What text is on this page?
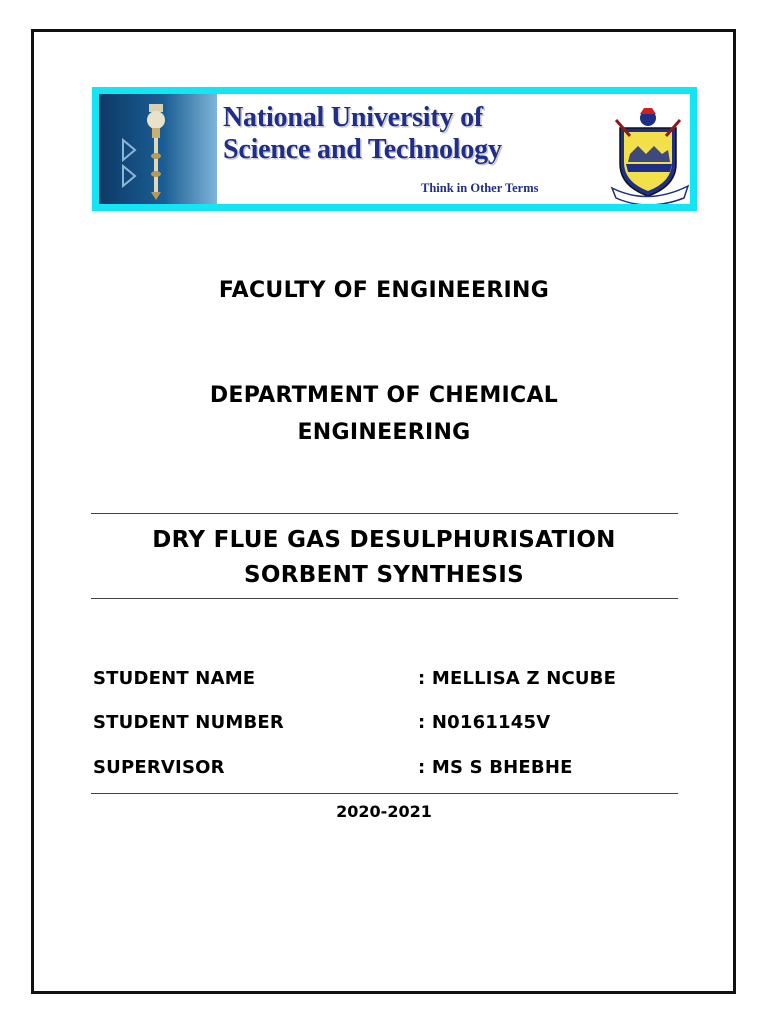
National University of
Science and Technology
Think in Other Terms
FACULTY OF ENGINEERING
DEPARTMENT OF CHEMICAL
ENGINEERING
DRY FLUE GAS DESULPHURISATION
SORBENT SYNTHESIS
STUDENT NAME	: MELLISA Z NCUBE
STUDENT NUMBER	: N0161145V
SUPERVISOR	: MS S BHEBHE
2020-2021
